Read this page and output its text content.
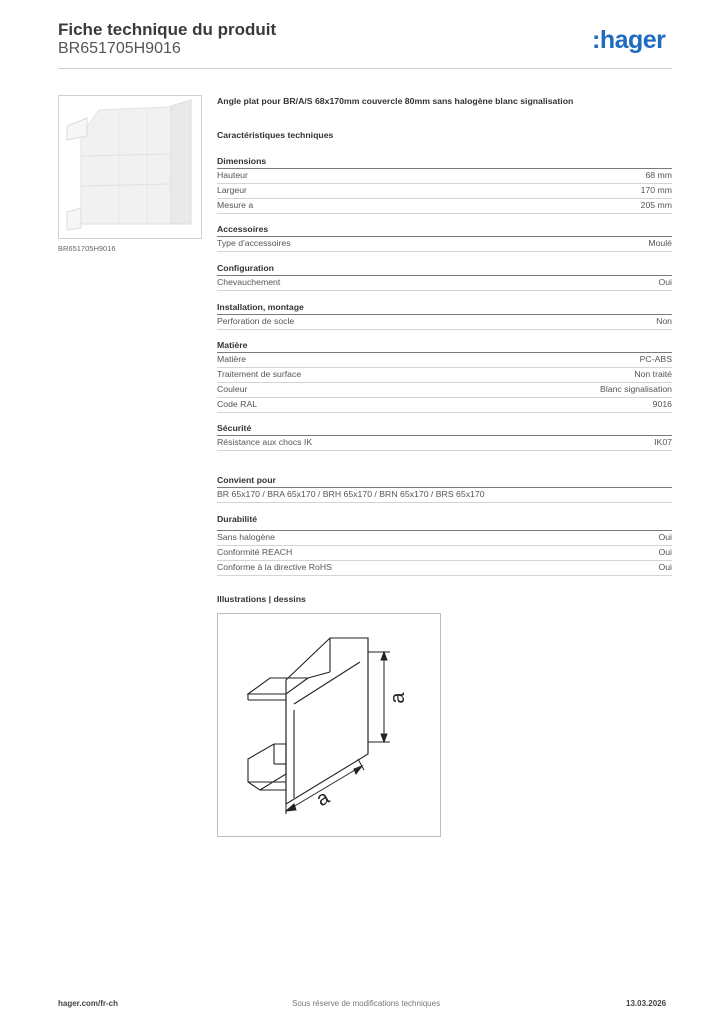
Fiche technique du produit
BR651705H9016	:hager
BR651705H9016
Angle plat pour BR/A/S 68x170mm couvercle 80mm sans halogène blanc signalisation
Caractéristiques techniques
Dimensions
Hauteur	68 mm
Largeur	170 mm
Mesure a	205 mm
Accessoires
Type d'accessoires	Moulé
Configuration
Chevauchement	Oui
Installation, montage
Perforation de socle	Non
Matière
Matière	PC-ABS
Traitement de surface	Non traité
Couleur	Blanc signalisation
Code RAL	9016
Sécurité
Résistance aux chocs IK	IK07
Convient pour
BR 65x170 / BRA 65x170 / BRH 65x170 / BRN 65x170 / BRS 65x170
Durabilité
Sans halogène	Oui
Conformité REACH	Oui
Conforme à la directive RoHS	Oui
Illustrations | dessins
a
a
hager.com/fr-ch	Sous réserve de modifications techniques	13.03.2026
